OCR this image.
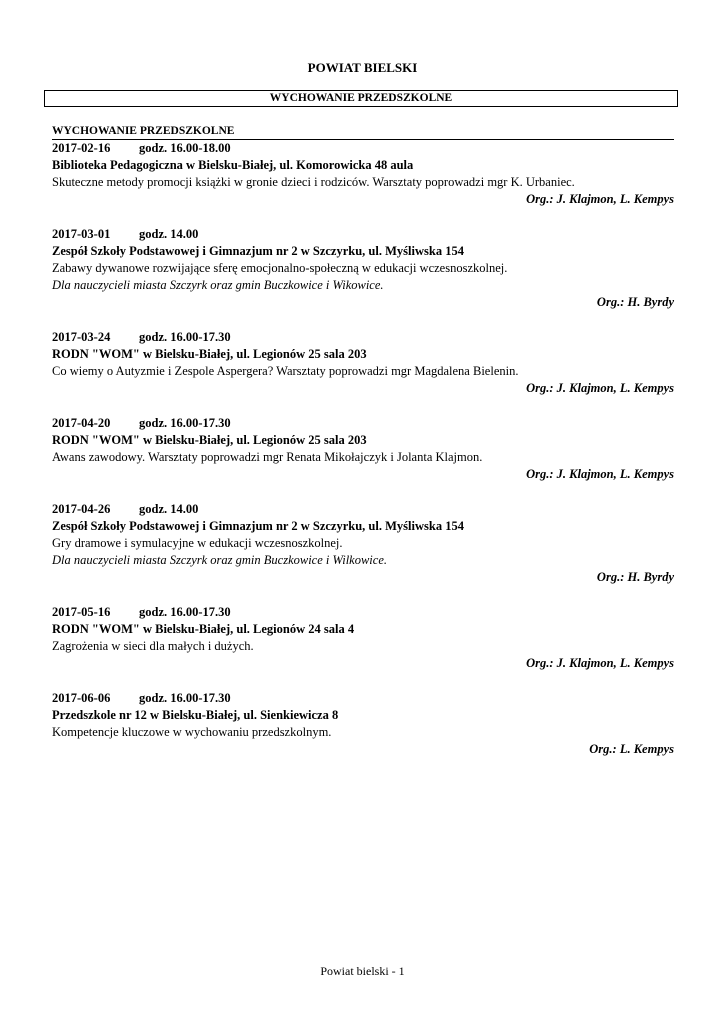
POWIAT BIELSKI
WYCHOWANIE PRZEDSZKOLNE
WYCHOWANIE PRZEDSZKOLNE
2017-02-16 godz. 16.00-18.00
Biblioteka Pedagogiczna w Bielsku-Białej, ul. Komorowicka 48 aula
Skuteczne metody promocji książki w gronie dzieci i rodziców. Warsztaty poprowadzi mgr K. Urbaniec.
Org.: J. Klajmon, L. Kempys
2017-03-01 godz. 14.00
Zespół Szkoły Podstawowej i Gimnazjum nr 2 w Szczyrku, ul. Myśliwska 154
Zabawy dywanowe rozwijające sferę emocjonalno-społeczną w edukacji wczesnoszkolnej.
Dla nauczycieli miasta Szczyrk oraz gmin Buczkowice i Wikowice.
Org.: H. Byrdy
2017-03-24 godz. 16.00-17.30
RODN "WOM" w Bielsku-Białej, ul. Legionów 25 sala 203
Co wiemy o Autyzmie i Zespole Aspergera? Warsztaty poprowadzi mgr Magdalena Bielenin.
Org.: J. Klajmon, L. Kempys
2017-04-20 godz. 16.00-17.30
RODN "WOM" w Bielsku-Białej, ul. Legionów 25 sala 203
Awans zawodowy. Warsztaty poprowadzi mgr Renata Mikołajczyk i Jolanta Klajmon.
Org.: J. Klajmon, L. Kempys
2017-04-26 godz. 14.00
Zespół Szkoły Podstawowej i Gimnazjum nr 2 w Szczyrku, ul. Myśliwska 154
Gry dramowe i symulacyjne w edukacji wczesnoszkolnej.
Dla nauczycieli miasta Szczyrk oraz gmin Buczkowice i Wilkowice.
Org.: H. Byrdy
2017-05-16 godz. 16.00-17.30
RODN "WOM" w Bielsku-Białej, ul. Legionów 24 sala 4
Zagrożenia w sieci dla małych i dużych.
Org.: J. Klajmon, L. Kempys
2017-06-06 godz. 16.00-17.30
Przedszkole nr 12 w Bielsku-Białej, ul. Sienkiewicza 8
Kompetencje kluczowe w wychowaniu przedszkolnym.
Org.: L. Kempys
Powiat bielski - 1
